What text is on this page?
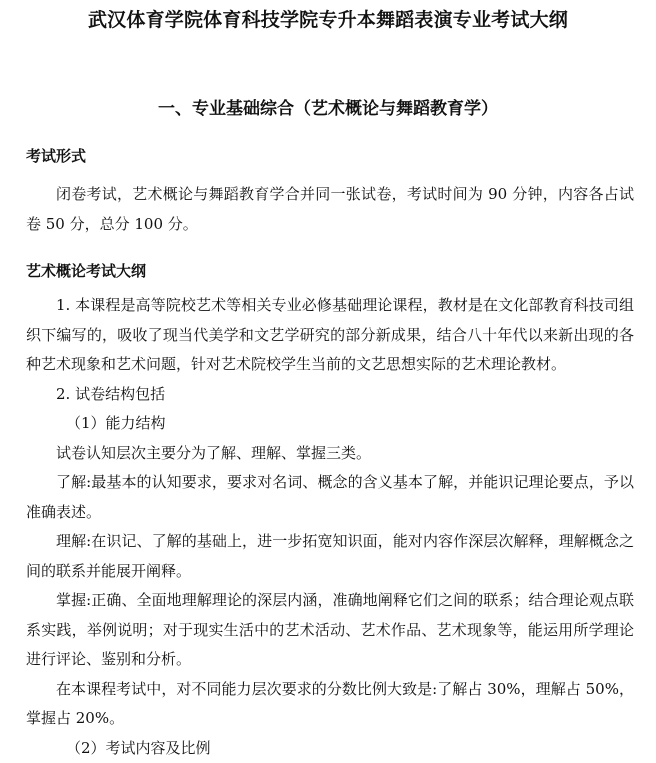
武汉体育学院体育科技学院专升本舞蹈表演专业考试大纲
一、专业基础综合（艺术概论与舞蹈教育学）
考试形式

闭卷考试，艺术概论与舞蹈教育学合并同一张试卷，考试时间为 90 分钟，内容各占试卷 50 分，总分 100 分。

艺术概论考试大纲

1. 本课程是高等院校艺术等相关专业必修基础理论课程，教材是在文化部教育科技司组织下编写的，吸收了现当代美学和文艺学研究的部分新成果，结合八十年代以来新出现的各种艺术现象和艺术问题，针对艺术院校学生当前的文艺思想实际的艺术理论教材。

2. 试卷结构包括

（1）能力结构

试卷认知层次主要分为了解、理解、掌握三类。

了解:最基本的认知要求，要求对名词、概念的含义基本了解，并能识记理论要点，予以准确表述。

理解:在识记、了解的基础上，进一步拓宽知识面，能对内容作深层次解释，理解概念之间的联系并能展开阐释。

掌握:正确、全面地理解理论的深层内涵，准确地阐释它们之间的联系；结合理论观点联系实践，举例说明；对于现实生活中的艺术活动、艺术作品、艺术现象等，能运用所学理论进行评论、鉴别和分析。

在本课程考试中，对不同能力层次要求的分数比例大致是:了解占 30%，理解占 50%，掌握占 20%。

（2）考试内容及比例
